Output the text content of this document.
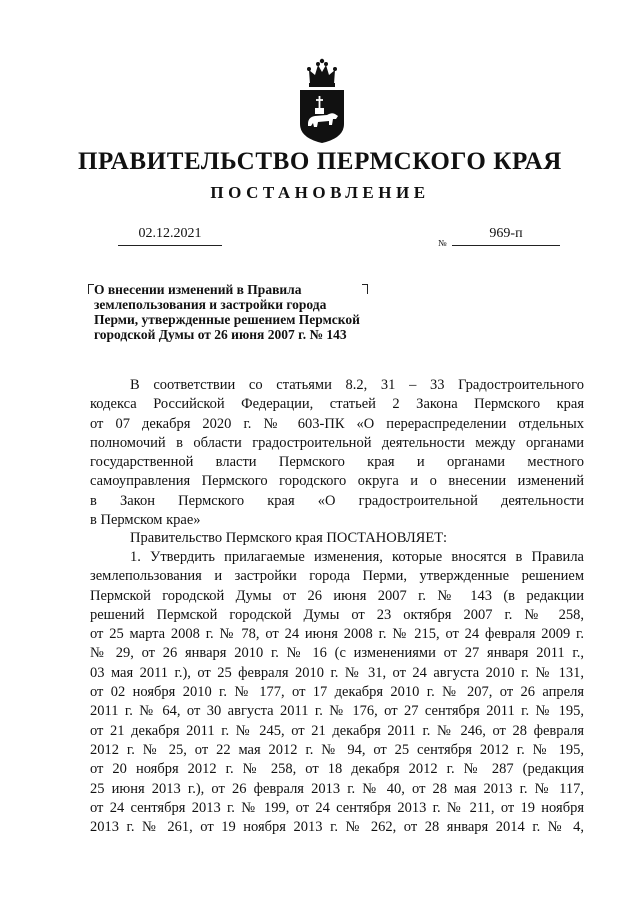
ПРАВИТЕЛЬСТВО ПЕРМСКОГО КРАЯ
ПОСТАНОВЛЕНИЕ
02.12.2021
№
969-п
О внесении изменений в Правила
землепользования и застройки города
Перми, утвержденные решением Пермской
городской Думы от 26 июня 2007 г. № 143
В соответствии со статьями 8.2, 31 – 33 Градостроительного
кодекса Российской Федерации, статьей 2 Закона Пермского края
от 07 декабря 2020 г. № 603-ПК «О перераспределении отдельных
полномочий в области градостроительной деятельности между органами
государственной власти Пермского края и органами местного
самоуправления Пермского городского округа и о внесении изменений
в Закон Пермского края «О градостроительной деятельности
в Пермском крае»
Правительство Пермского края ПОСТАНОВЛЯЕТ:
1. Утвердить прилагаемые изменения, которые вносятся в Правила
землепользования и застройки города Перми, утвержденные решением
Пермской городской Думы от 26 июня 2007 г. № 143 (в редакции
решений Пермской городской Думы от 23 октября 2007 г. № 258,
от 25 марта 2008 г. № 78, от 24 июня 2008 г. № 215, от 24 февраля 2009 г.
№ 29, от 26 января 2010 г. № 16 (с изменениями от 27 января 2011 г.,
03 мая 2011 г.), от 25 февраля 2010 г. № 31, от 24 августа 2010 г. № 131,
от 02 ноября 2010 г. № 177, от 17 декабря 2010 г. № 207, от 26 апреля
2011 г. № 64, от 30 августа 2011 г. № 176, от 27 сентября 2011 г. № 195,
от 21 декабря 2011 г. № 245, от 21 декабря 2011 г. № 246, от 28 февраля
2012 г. № 25, от 22 мая 2012 г. № 94, от 25 сентября 2012 г. № 195,
от 20 ноября 2012 г. № 258, от 18 декабря 2012 г. № 287 (редакция
25 июня 2013 г.), от 26 февраля 2013 г. № 40, от 28 мая 2013 г. № 117,
от 24 сентября 2013 г. № 199, от 24 сентября 2013 г. № 211, от 19 ноября
2013 г. № 261, от 19 ноября 2013 г. № 262, от 28 января 2014 г. № 4,
